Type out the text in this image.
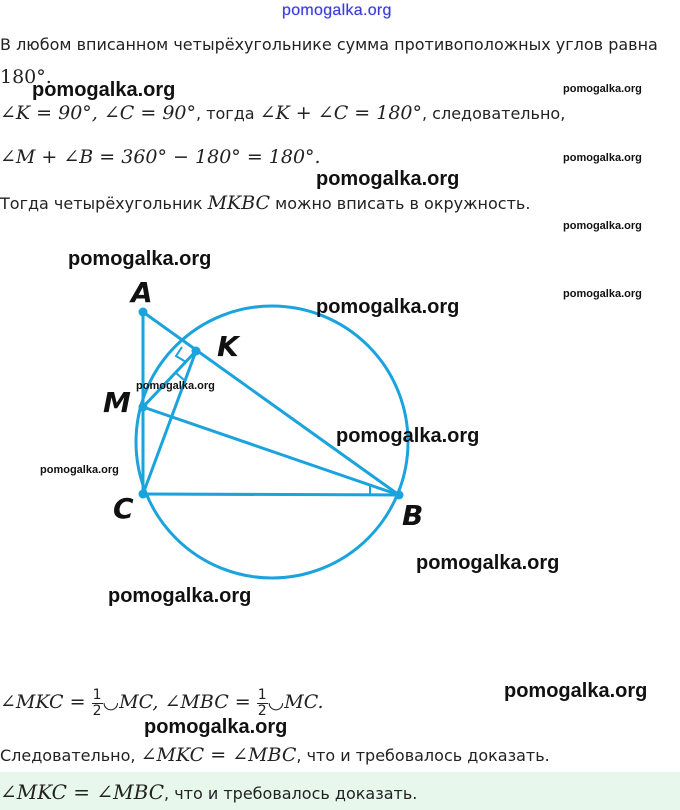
pomogalka.org
В любом вписанном четырёхугольнике сумма противоположных углов равна
180°.
∠K = 90°, ∠C = 90°, тогда ∠K + ∠C = 180°, следовательно,
∠M + ∠B = 360° − 180° = 180°.
Тогда четырёхугольник MKBC можно вписать в окружность.
A
K
M
C	B
∠MKC = $\frac{1}{2}$ ◡MC, ∠MBC = $\frac{1}{2}$ ◡MC.
Следовательно, ∠MKC = ∠MBC, что и требовалось доказать.
∠MKC = ∠MBC, что и требовалось доказать.
pomogalka.org
pomogalka.org
pomogalka.org
pomogalka.org
pomogalka.org
pomogalka.org
pomogalka.org
pomogalka.org
pomogalka.org
pomogalka.org
pomogalka.org
pomogalka.org
pomogalka.org
pomogalka.org
pomogalka.org
